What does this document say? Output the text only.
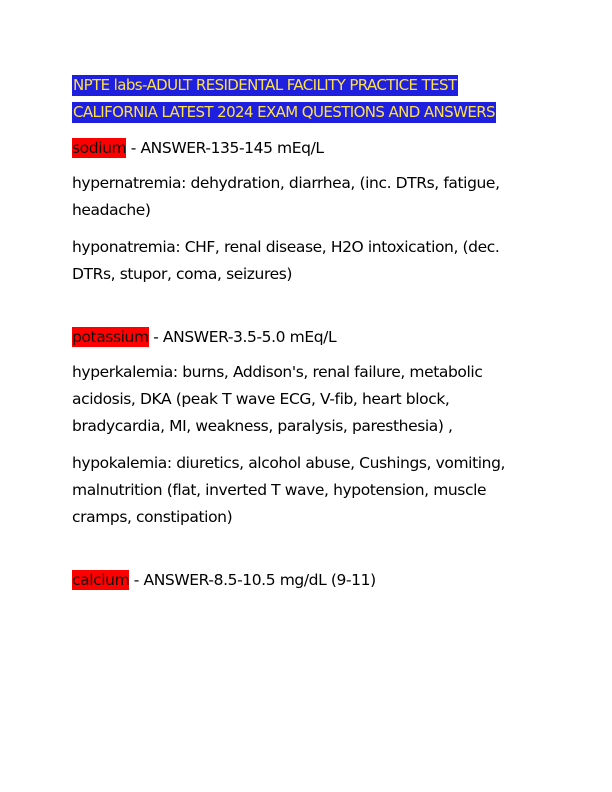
NPTE labs-ADULT RESIDENTAL FACILITY PRACTICE TEST
CALIFORNIA LATEST 2024 EXAM QUESTIONS AND ANSWERS
sodium - ANSWER-135-145 mEq/L

hypernatremia: dehydration, diarrhea, (inc. DTRs, fatigue, headache)

hyponatremia: CHF, renal disease, H2O intoxication, (dec. DTRs, stupor, coma, seizures)

potassium - ANSWER-3.5-5.0 mEq/L

hyperkalemia: burns, Addison's, renal failure, metabolic acidosis, DKA (peak T wave ECG, V-fib, heart block, bradycardia, MI, weakness, paralysis, paresthesia) ,

hypokalemia: diuretics, alcohol abuse, Cushings, vomiting, malnutrition (flat, inverted T wave, hypotension, muscle cramps, constipation)

calcium - ANSWER-8.5-10.5 mg/dL (9-11)
